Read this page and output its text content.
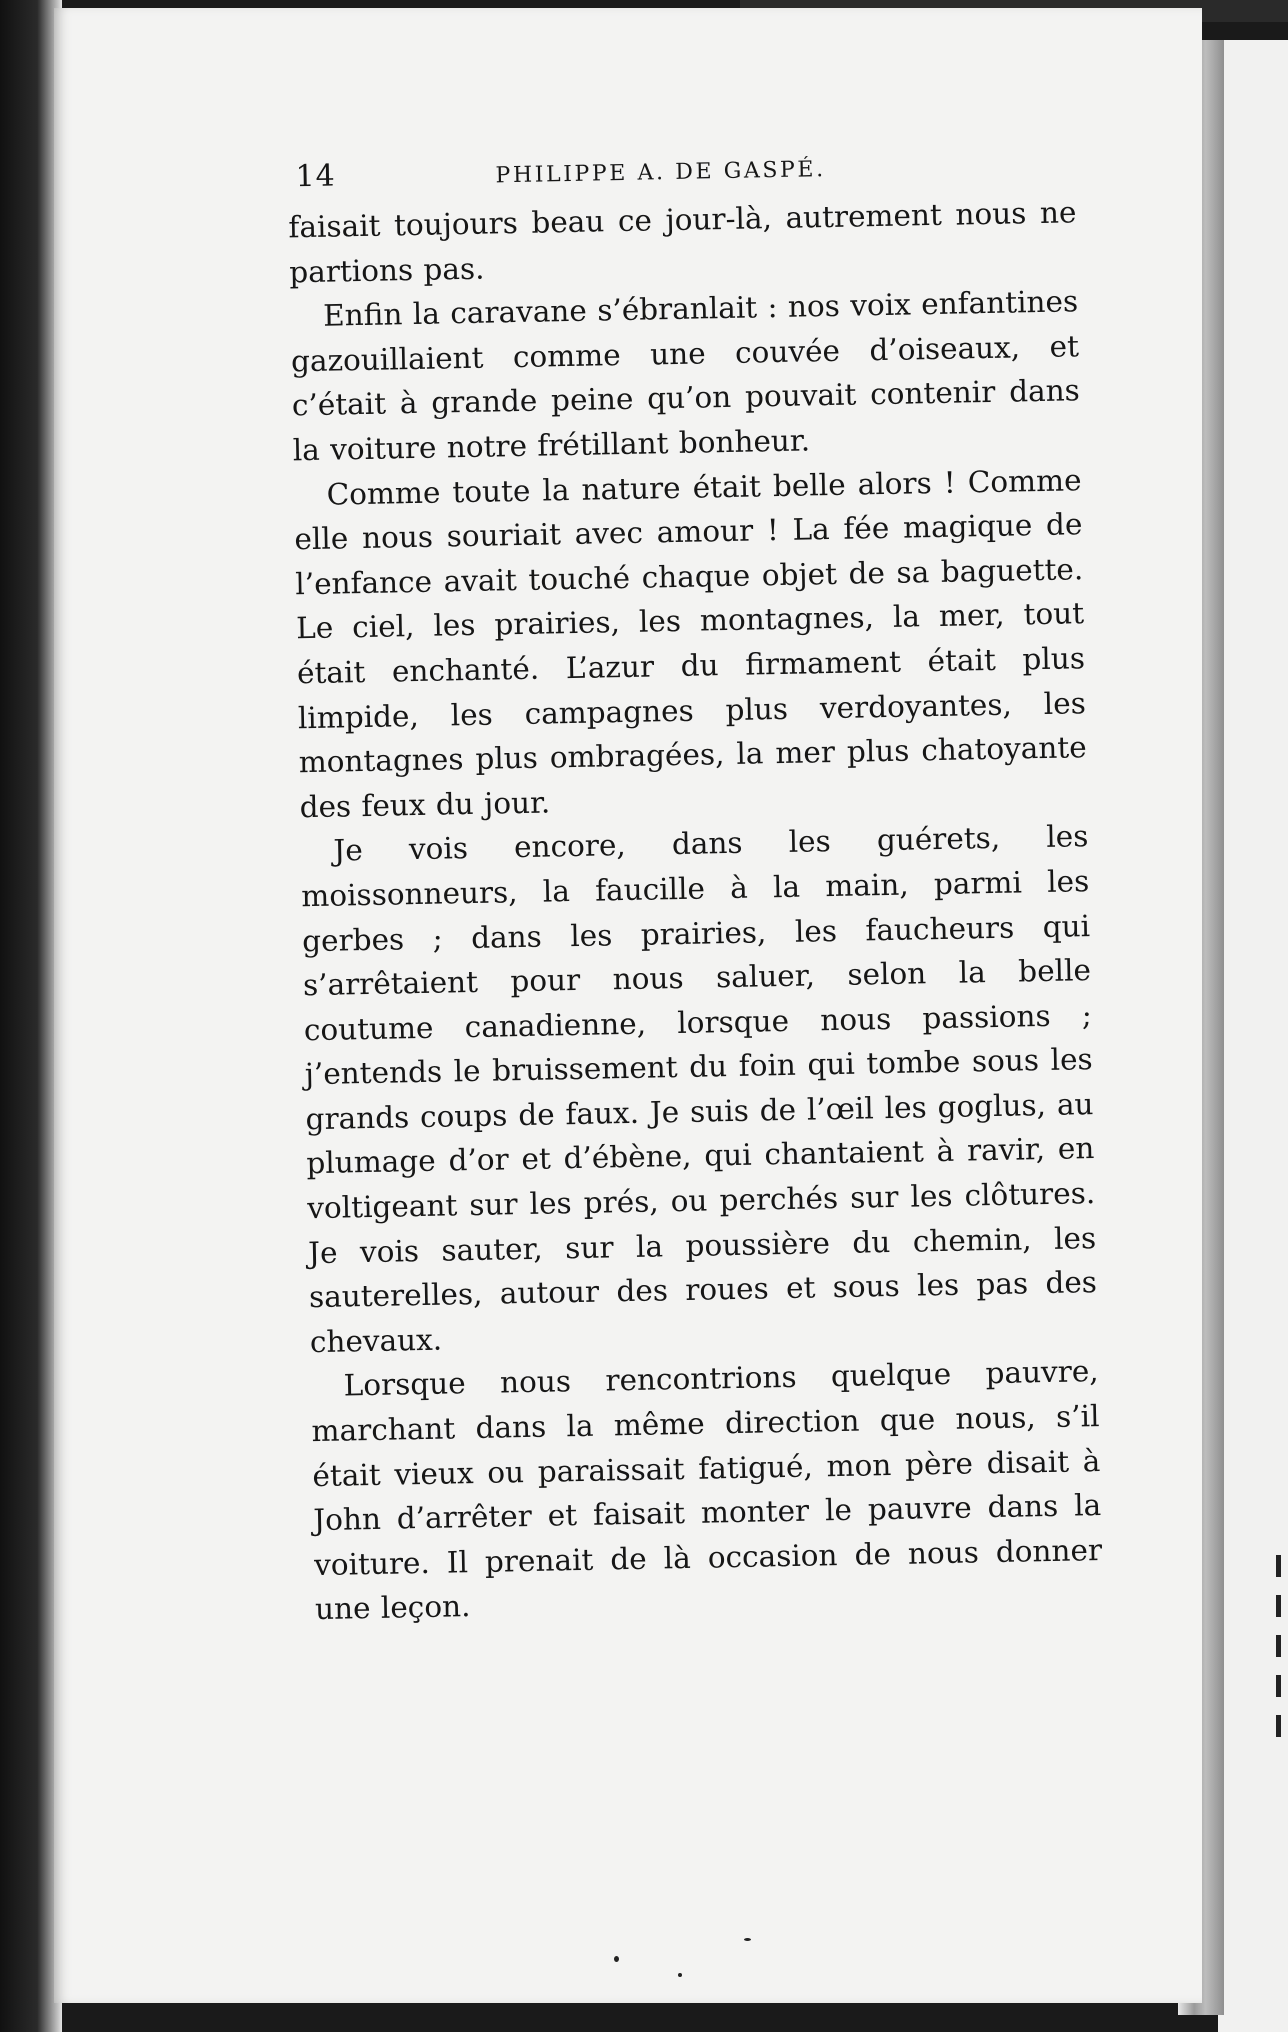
14	PHILIPPE A. DE GASPÉ.

faisait toujours beau ce jour-là, autrement nous ne partions pas.

Enfin la caravane s’ébranlait : nos voix enfantines gazouillaient comme une couvée d’oiseaux, et c’était à grande peine qu’on pouvait contenir dans la voiture notre frétillant bonheur.

Comme toute la nature était belle alors ! Comme elle nous souriait avec amour ! La fée magique de l’enfance avait touché chaque objet de sa baguette. Le ciel, les prairies, les montagnes, la mer, tout était enchanté. L’azur du firmament était plus limpide, les campagnes plus verdoyantes, les montagnes plus ombragées, la mer plus chatoyante des feux du jour.

Je vois encore, dans les guérets, les moissonneurs, la faucille à la main, parmi les gerbes ; dans les prairies, les faucheurs qui s’arrêtaient pour nous saluer, selon la belle coutume canadienne, lorsque nous passions ; j’entends le bruissement du foin qui tombe sous les grands coups de faux. Je suis de l’œil les goglus, au plumage d’or et d’ébène, qui chantaient à ravir, en voltigeant sur les prés, ou perchés sur les clôtures. Je vois sauter, sur la poussière du chemin, les sauterelles, autour des roues et sous les pas des chevaux.

Lorsque nous rencontrions quelque pauvre, marchant dans la même direction que nous, s’il était vieux ou paraissait fatigué, mon père disait à John d’arrêter et faisait monter le pauvre dans la voiture. Il prenait de là occasion de nous donner une leçon.
